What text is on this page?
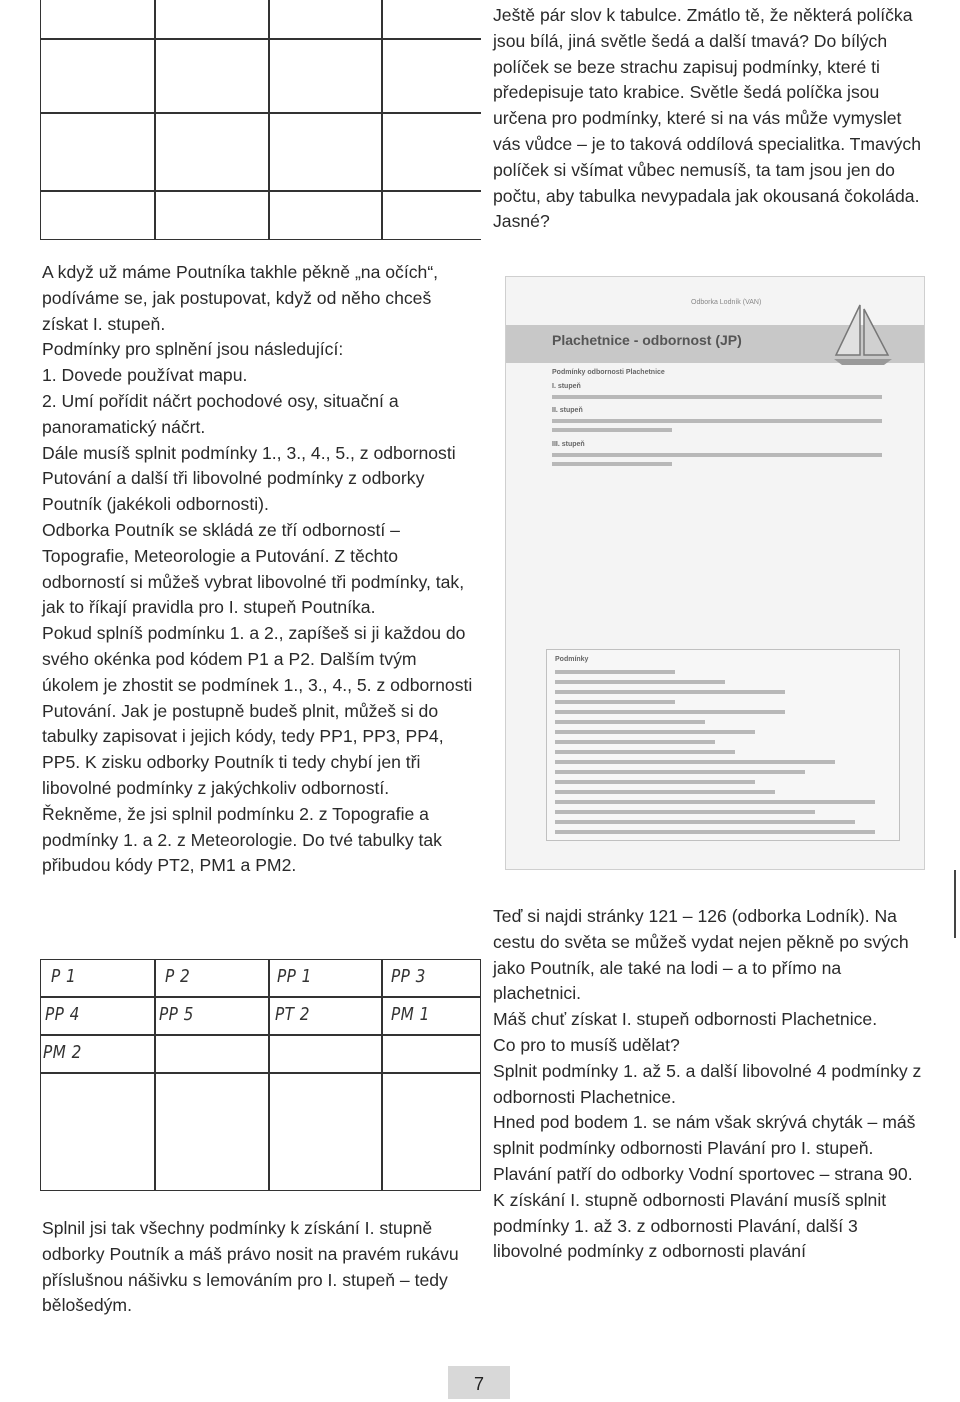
A když už máme Poutníka takhle pěkně „na očích“, podíváme se, jak postupovat, když od něho chceš získat I. stupeň.

Podmínky pro splnění jsou následující:

1. Dovede používat mapu.

2. Umí pořídit náčrt pochodové osy, situační a panoramatický náčrt.

Dále musíš splnit podmínky 1., 3., 4., 5., z odbornosti Putování a další tři libovolné podmínky z odborky Poutník (jakékoli odbornosti).

Odborka Poutník se skládá ze tří odborností – Topografie, Meteorologie a Putování. Z těchto odborností si můžeš vybrat libovolné tři podmínky, tak, jak to říkají pravidla pro I. stupeň Poutníka.

Pokud splníš podmínku 1. a 2., zapíšeš si ji každou do svého okénka pod kódem P1 a P2. Dalším tvým úkolem je zhostit se podmínek 1., 3., 4., 5. z odbornosti Putování. Jak je postupně budeš plnit, můžeš si do tabulky zapisovat i jejich kódy, tedy PP1, PP3, PP4, PP5. K zisku odborky Poutník ti tedy chybí jen tři libovolné podmínky z jakýchkoliv odborností. Řekněme, že jsi splnil podmínku 2. z Topografie a podmínky 1. a 2. z Meteorologie. Do tvé tabulky tak přibudou kódy PT2, PM1 a PM2.

P 1	P 2	PP 1	PP 3
PP 4	PP 5	PT 2	PM 1
PM 2

Splnil jsi tak všechny podmínky k získání I. stupně odborky Poutník a máš právo nosit na pravém rukávu příslušnou nášivku s lemováním pro I. stupeň – tedy bělošedým.

Ještě pár slov k tabulce. Zmátlo tě, že některá políčka jsou bílá, jiná světle šedá a další tmavá? Do bílých políček se beze strachu zapisuj podmínky, které ti předepisuje tato krabice. Světle šedá políčka jsou určena pro podmínky, které si na vás může vymyslet vás vůdce – je to taková oddílová specialitka. Tmavých políček si všímat vůbec nemusíš, ta tam jsou jen do počtu, aby tabulka nevypadala jak okousaná čokoláda. Jasné?

Odborka Lodník (VAN)
Plachetnice - odbornost (JP)
Podmínky odbornosti Plachetnice
I. stupeň
II. stupeň
III. stupeň
Podmínky

Teď si najdi stránky 121 – 126 (odborka Lodník). Na cestu do světa se můžeš vydat nejen pěkně po svých jako Poutník, ale také na lodi – a to přímo na plachetnici.

Máš chuť získat I. stupeň odbornosti Plachetnice.

Co pro to musíš udělat?

Splnit podmínky 1. až 5. a další libovolné 4 podmínky z odbornosti Plachetnice.

Hned pod bodem 1. se nám však skrývá chyták – máš splnit podmínky odbornosti Plavání pro I. stupeň. Plavání patří do odborky Vodní sportovec – strana 90.

K získání I. stupně odbornosti Plavání musíš splnit podmínky 1. až 3. z odbornosti Plavání, další 3 libovolné podmínky z odbornosti plavání

7
